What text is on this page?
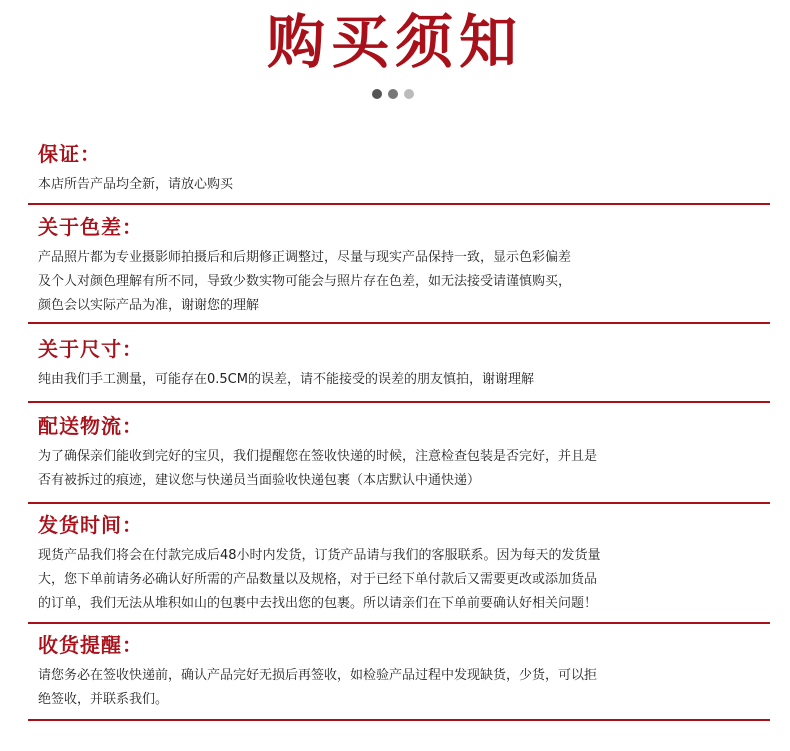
购买须知
保证：
本店所告产品均全新，请放心购买
关于色差：
产品照片都为专业摄影师拍摄后和后期修正调整过，尽量与现实产品保持一致，显示色彩偏差
及个人对颜色理解有所不同，导致少数实物可能会与照片存在色差，如无法接受请谨慎购买，
颜色会以实际产品为准，谢谢您的理解
关于尺寸：
纯由我们手工测量，可能存在0.5CM的误差，请不能接受的误差的朋友慎拍，谢谢理解
配送物流：
为了确保亲们能收到完好的宝贝，我们提醒您在签收快递的时候，注意检查包装是否完好，并且是
否有被拆过的痕迹，建议您与快递员当面验收快递包裹（本店默认中通快递）
发货时间：
现货产品我们将会在付款完成后48小时内发货，订货产品请与我们的客服联系。因为每天的发货量
大，您下单前请务必确认好所需的产品数量以及规格，对于已经下单付款后又需要更改或添加货品
的订单，我们无法从堆积如山的包裹中去找出您的包裹。所以请亲们在下单前要确认好相关问题！
收货提醒：
请您务必在签收快递前，确认产品完好无损后再签收，如检验产品过程中发现缺货，少货，可以拒
绝签收，并联系我们。
